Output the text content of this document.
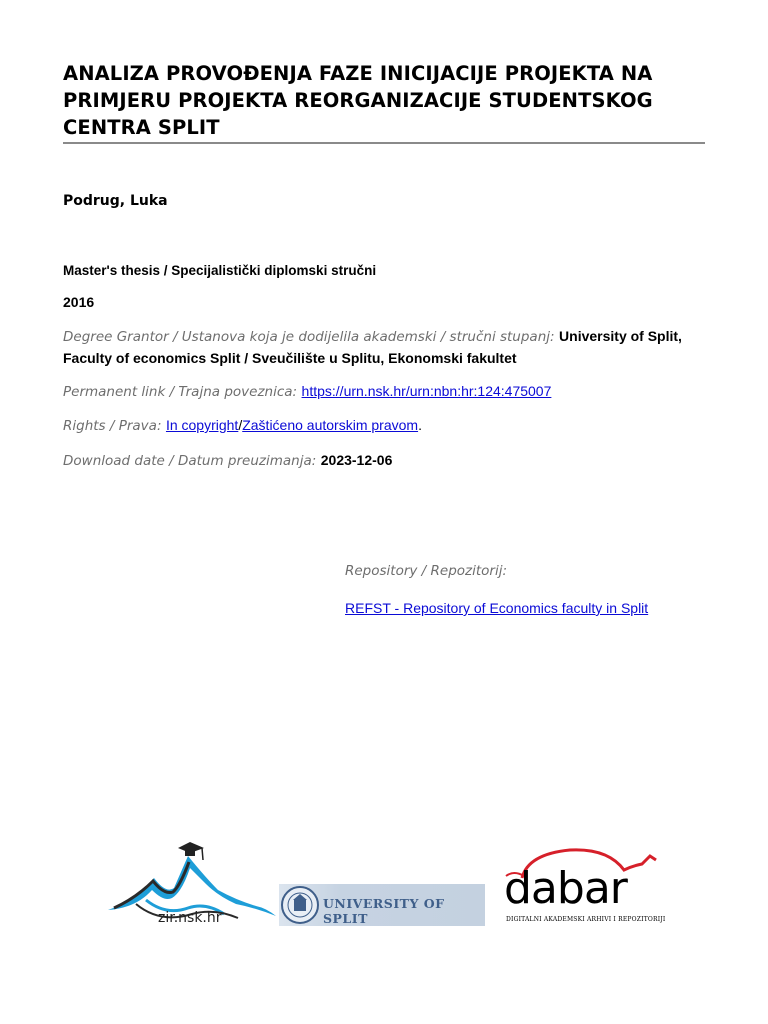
ANALIZA PROVOĐENJA FAZE INICIJACIJE PROJEKTA NA PRIMJERU PROJEKTA REORGANIZACIJE STUDENTSKOG CENTRA SPLIT

Podrug, Luka

Master's thesis / Specijalistički diplomski stručni
2016
Degree Grantor / Ustanova koja je dodijelila akademski / stručni stupanj: University of Split, Faculty of economics Split / Sveučilište u Splitu, Ekonomski fakultet
Permanent link / Trajna poveznica: https://urn.nsk.hr/urn:nbn:hr:124:475007
Rights / Prava: In copyright/Zaštićeno autorskim pravom.
Download date / Datum preuzimanja: 2023-12-06
Repository / Repozitorij:
REFST - Repository of Economics faculty in Split
zir.nsk.hr
UNIVERSITY OF SPLIT
dabar
DIGITALNI AKADEMSKI ARHIVI I REPOZITORIJI
